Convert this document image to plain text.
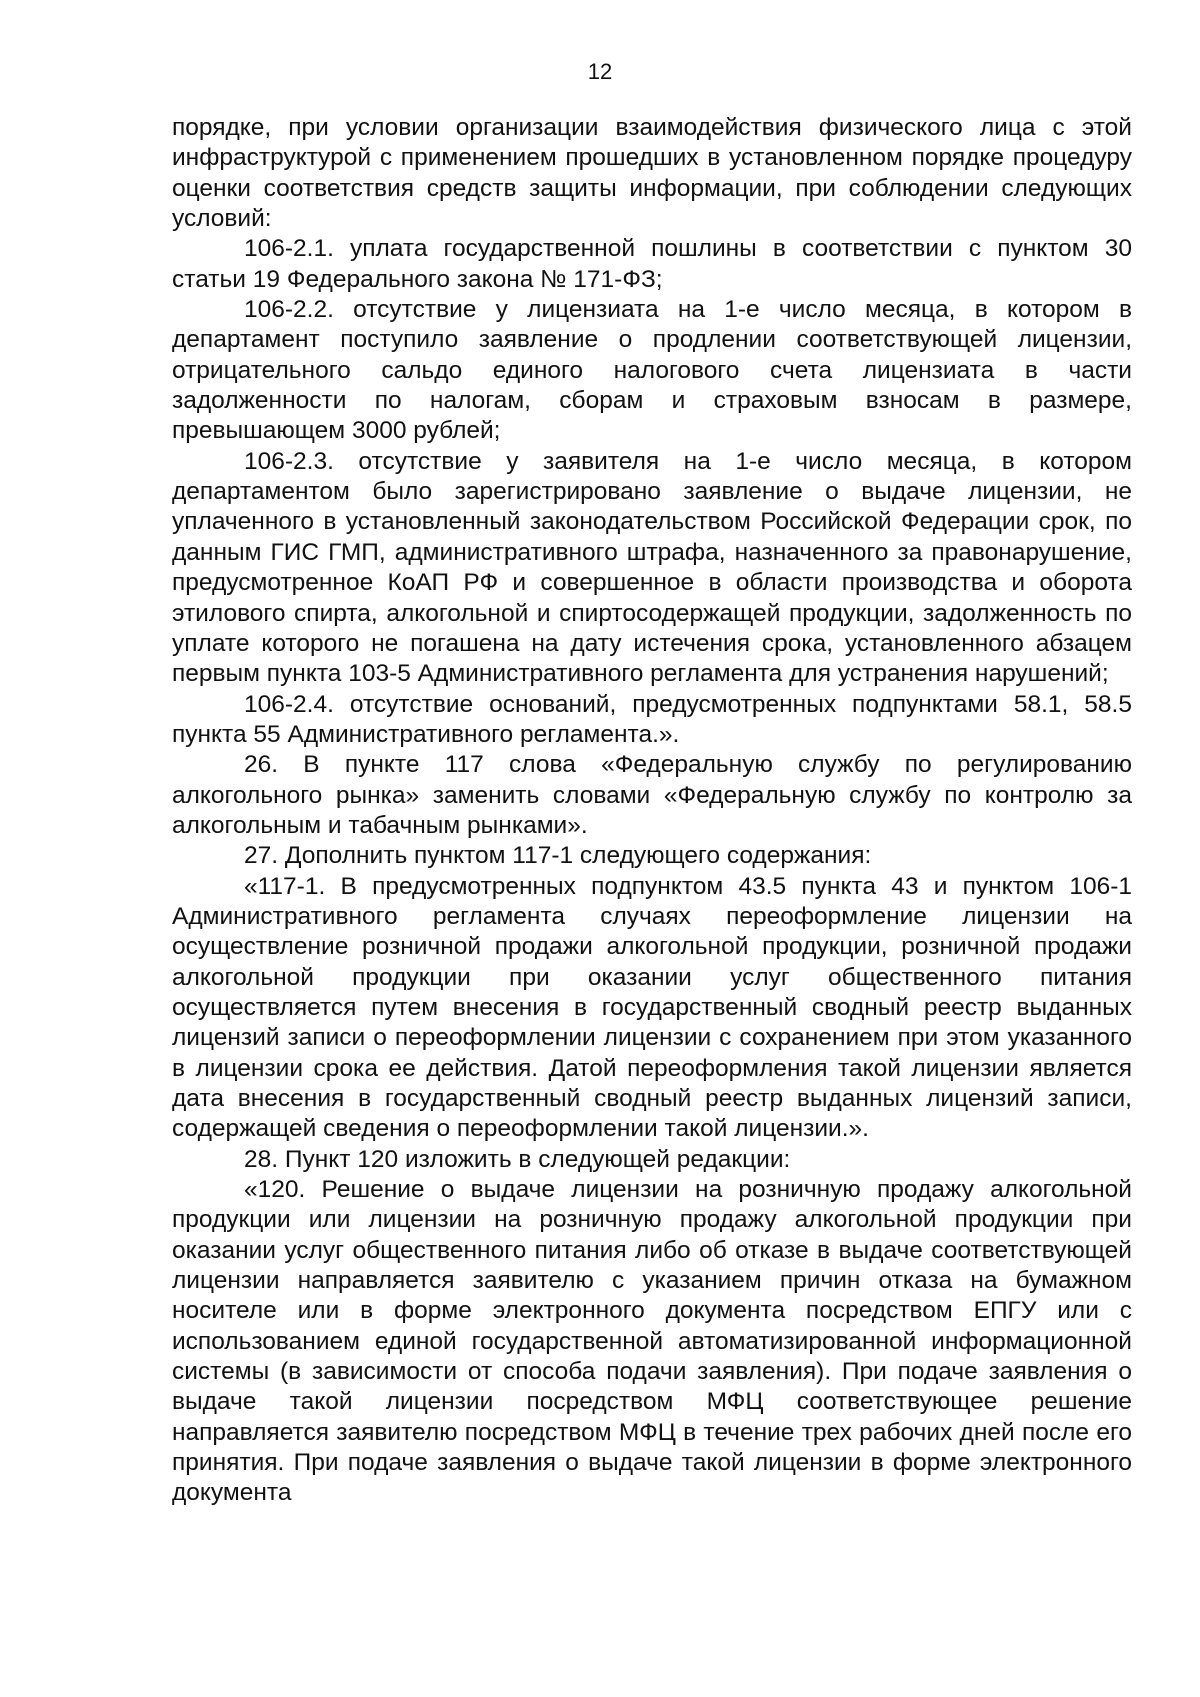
12

порядке, при условии организации взаимодействия физического лица с этой инфраструктурой с применением прошедших в установленном порядке процедуру оценки соответствия средств защиты информации, при соблюдении следующих условий:

106-2.1. уплата государственной пошлины в соответствии с пунктом 30 статьи 19 Федерального закона № 171-ФЗ;

106-2.2. отсутствие у лицензиата на 1-е число месяца, в котором в департамент поступило заявление о продлении соответствующей лицензии, отрицательного сальдо единого налогового счета лицензиата в части задолженности по налогам, сборам и страховым взносам в размере, превышающем 3000 рублей;

106-2.3. отсутствие у заявителя на 1-е число месяца, в котором департаментом было зарегистрировано заявление о выдаче лицензии, не уплаченного в установленный законодательством Российской Федерации срок, по данным ГИС ГМП, административного штрафа, назначенного за правонарушение, предусмотренное КоАП РФ и совершенное в области производства и оборота этилового спирта, алкогольной и спиртосодержащей продукции, задолженность по уплате которого не погашена на дату истечения срока, установленного абзацем первым пункта 103-5 Административного регламента для устранения нарушений;

106-2.4. отсутствие оснований, предусмотренных подпунктами 58.1, 58.5 пункта 55 Административного регламента.».

26. В пункте 117 слова «Федеральную службу по регулированию алкогольного рынка» заменить словами «Федеральную службу по контролю за алкогольным и табачным рынками».

27. Дополнить пунктом 117-1 следующего содержания:

«117-1. В предусмотренных подпунктом 43.5 пункта 43 и пунктом 106-1 Административного регламента случаях переоформление лицензии на осуществление розничной продажи алкогольной продукции, розничной продажи алкогольной продукции при оказании услуг общественного питания осуществляется путем внесения в государственный сводный реестр выданных лицензий записи о переоформлении лицензии с сохранением при этом указанного в лицензии срока ее действия. Датой переоформления такой лицензии является дата внесения в государственный сводный реестр выданных лицензий записи, содержащей сведения о переоформлении такой лицензии.».

28. Пункт 120 изложить в следующей редакции:

«120. Решение о выдаче лицензии на розничную продажу алкогольной продукции или лицензии на розничную продажу алкогольной продукции при оказании услуг общественного питания либо об отказе в выдаче соответствующей лицензии направляется заявителю с указанием причин отказа на бумажном носителе или в форме электронного документа посредством ЕПГУ или с использованием единой государственной автоматизированной информационной системы (в зависимости от способа подачи заявления). При подаче заявления о выдаче такой лицензии посредством МФЦ соответствующее решение направляется заявителю посредством МФЦ в течение трех рабочих дней после его принятия. При подаче заявления о выдаче такой лицензии в форме электронного документа
